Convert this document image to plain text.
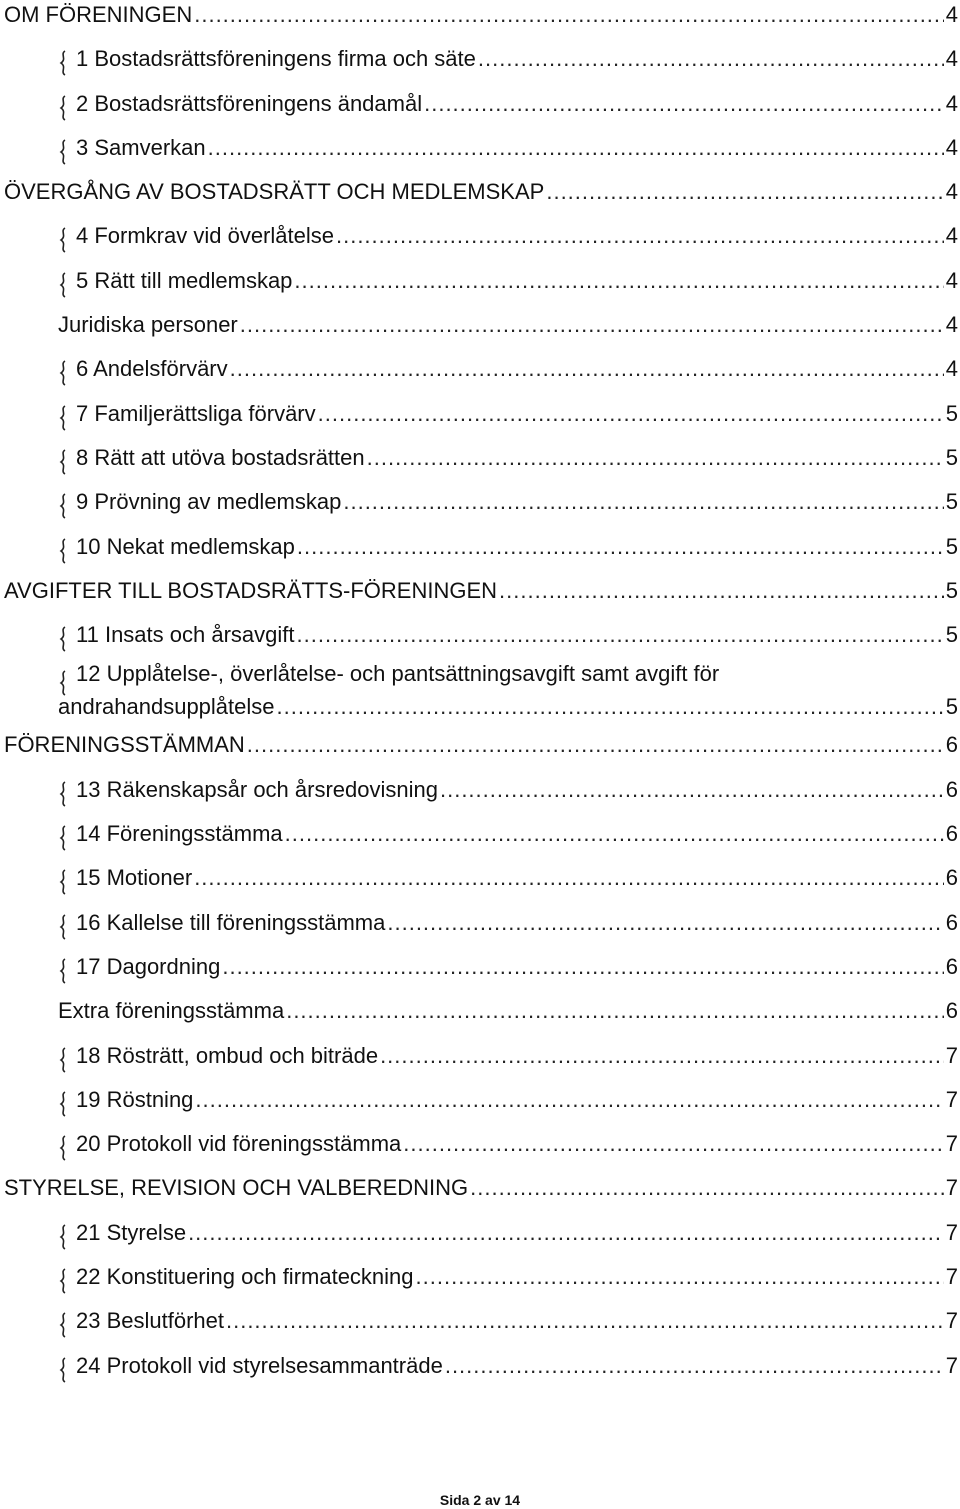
OM FÖRENINGEN .....	4
1 Bostadsrättsföreningens firma och säte .....	4
2 Bostadsrättsföreningens ändamål .....	4
3 Samverkan .....	4
ÖVERGÅNG AV BOSTADSRÄTT OCH MEDLEMSKAP .....	4
4 Formkrav vid överlåtelse .....	4
5 Rätt till medlemskap .....	4
Juridiska personer .....	4
6 Andelsförvärv .....	4
7 Familjerättsliga förvärv .....	5
8 Rätt att utöva bostadsrätten .....	5
9 Prövning av medlemskap .....	5
10 Nekat medlemskap .....	5
AVGIFTER TILL BOSTADSRÄTTS-FÖRENINGEN .....	5
11 Insats och årsavgift .....	5
12 Upplåtelse-, överlåtelse- och pantsättningsavgift samt avgift för
andrahandsupplåtelse .....	5
FÖRENINGSSTÄMMAN .....	6
13 Räkenskapsår och årsredovisning .....	6
14 Föreningsstämma .....	6
15 Motioner .....	6
16 Kallelse till föreningsstämma .....	6
17 Dagordning .....	6
Extra föreningsstämma .....	6
18 Rösträtt, ombud och biträde .....	7
19 Röstning .....	7
20 Protokoll vid föreningsstämma .....	7
STYRELSE, REVISION OCH VALBEREDNING .....	7
21 Styrelse .....	7
22 Konstituering och firmateckning .....	7
23 Beslutförhet .....	7
24 Protokoll vid styrelsesammanträde .....	7
Sida 2 av 14
